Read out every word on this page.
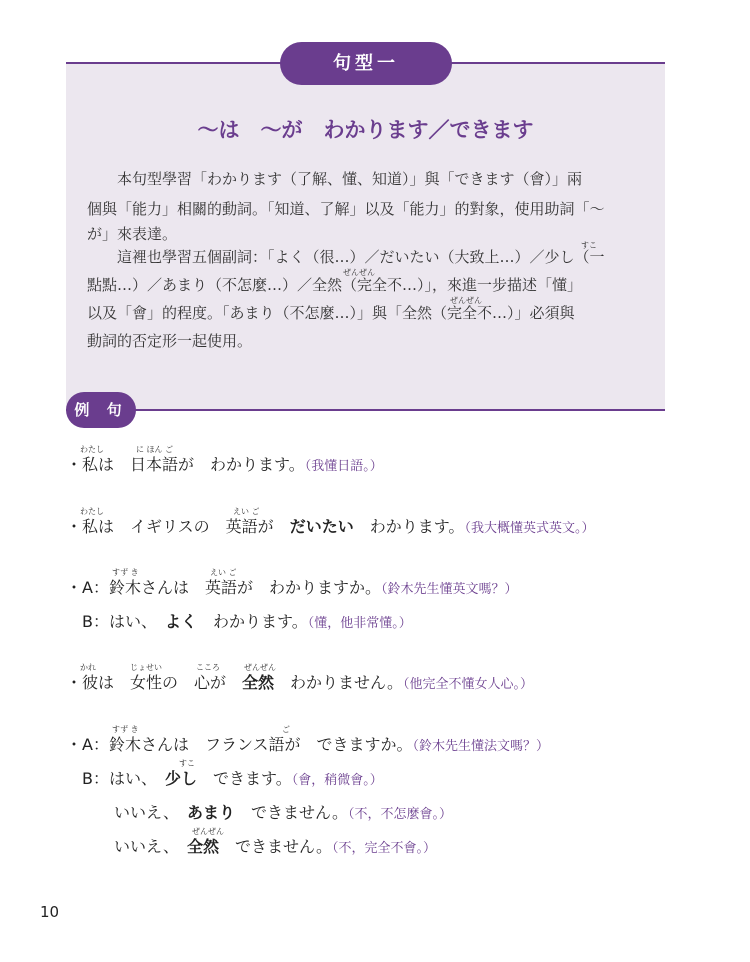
句型一
～は　～が　わかります／できます
　　本句型學習「わかります（了解、懂、知道）」與「できます（會）」兩
個與「能力」相關的動詞。「知道、了解」以及「能力」的對象，使用助詞「～
が」來表達。
　　這裡也學習五個副詞：「よく（很…）／だいたい（大致上…）／少し（一
點點…）／あまり（不怎麼…）／全然（完全不…）」，來進一步描述「懂」
以及「會」的程度。「あまり（不怎麼…）」與「全然（完全不…）」必須與
動詞的否定形一起使用。
すこ
ぜんぜん
ぜんぜん
例 句
わたし	に ほん ご
・私は　日本語が　わかります。（我懂日語。）
わたし	えい ご
・私は　イギリスの　英語が　だいたい　わかります。（我大概懂英式英文。）
すず き	えい ご
・A：鈴木さんは　英語が　わかりますか。（鈴木先生懂英文嗎？）
　B：はい、　よく　わかります。（懂，他非常懂。）
かれ	じょせい	こころ	ぜんぜん
・彼は　女性の　心が　全然　わかりません。（他完全不懂女人心。）
すず き	ご
・A：鈴木さんは　フランス語が　できますか。（鈴木先生懂法文嗎？）
すこ
　B：はい、　少し　できます。（會，稍微會。）
　　　いいえ、　あまり　できません。（不，不怎麼會。）
ぜんぜん
　　　いいえ、　全然　できません。（不，完全不會。）
10
